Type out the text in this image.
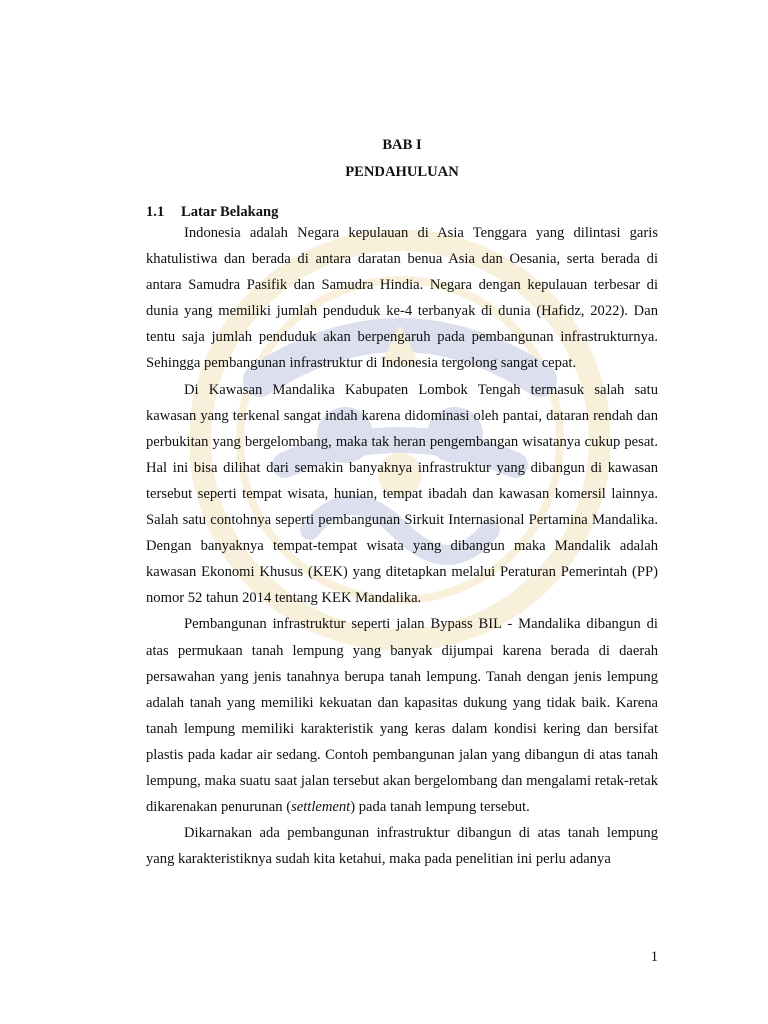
BAB I
PENDAHULUAN
1.1 Latar Belakang

Indonesia adalah Negara kepulauan di Asia Tenggara yang dilintasi garis khatulistiwa dan berada di antara daratan benua Asia dan Oesania, serta berada di antara Samudra Pasifik dan Samudra Hindia. Negara dengan kepulauan terbesar di dunia yang memiliki jumlah penduduk ke-4 terbanyak di dunia (Hafidz, 2022). Dan tentu saja jumlah penduduk akan berpengaruh pada pembangunan infrastrukturnya. Sehingga pembangunan infrastruktur di Indonesia tergolong sangat cepat.

Di Kawasan Mandalika Kabupaten Lombok Tengah termasuk salah satu kawasan yang terkenal sangat indah karena didominasi oleh pantai, dataran rendah dan perbukitan yang bergelombang, maka tak heran pengembangan wisatanya cukup pesat. Hal ini bisa dilihat dari semakin banyaknya infrastruktur yang dibangun di kawasan tersebut seperti tempat wisata, hunian, tempat ibadah dan kawasan komersil lainnya. Salah satu contohnya seperti pembangunan Sirkuit Internasional Pertamina Mandalika. Dengan banyaknya tempat-tempat wisata yang dibangun maka Mandalik adalah kawasan Ekonomi Khusus (KEK) yang ditetapkan melalui Peraturan Pemerintah (PP) nomor 52 tahun 2014 tentang KEK Mandalika.

Pembangunan infrastruktur seperti jalan Bypass BIL - Mandalika dibangun di atas permukaan tanah lempung yang banyak dijumpai karena berada di daerah persawahan yang jenis tanahnya berupa tanah lempung. Tanah dengan jenis lempung adalah tanah yang memiliki kekuatan dan kapasitas dukung yang tidak baik. Karena tanah lempung memiliki karakteristik yang keras dalam kondisi kering dan bersifat plastis pada kadar air sedang. Contoh pembangunan jalan yang dibangun di atas tanah lempung, maka suatu saat jalan tersebut akan bergelombang dan mengalami retak-retak dikarenakan penurunan (settlement) pada tanah lempung tersebut.

Dikarnakan ada pembangunan infrastruktur dibangun di atas tanah lempung yang karakteristiknya sudah kita ketahui, maka pada penelitian ini perlu adanya

1
